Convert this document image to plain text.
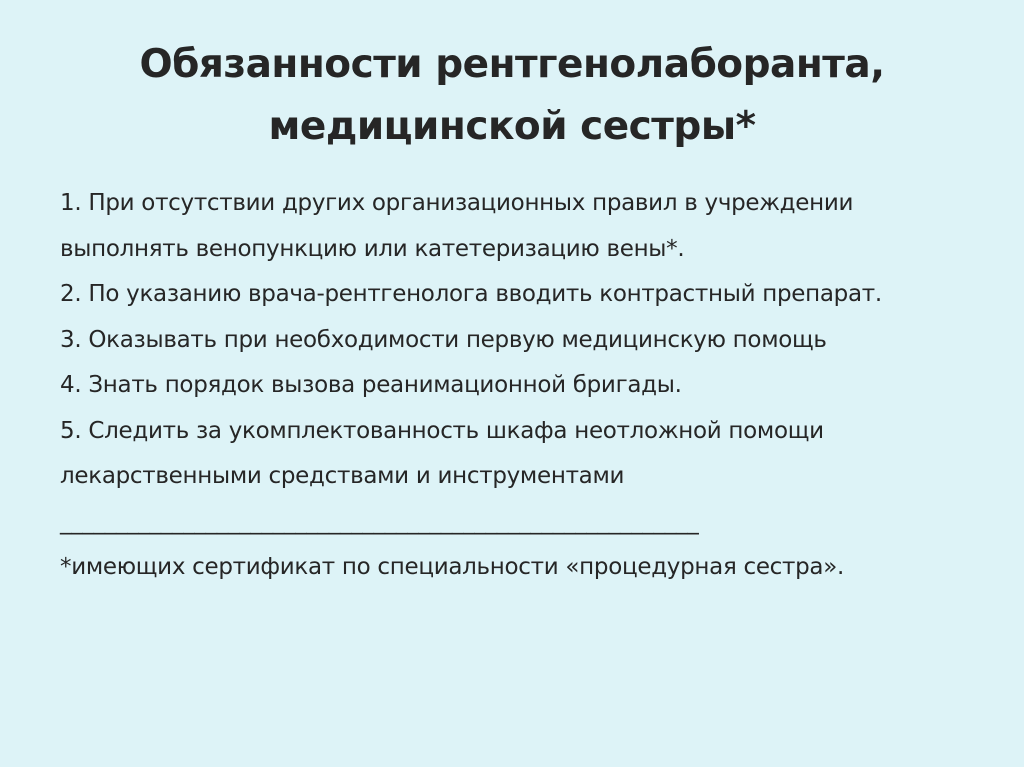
Обязанности рентгенолаборанта,
медицинской сестры*
1. При отсутствии других организационных правил в учреждении
выполнять венопункцию или катетеризацию вены*.
2. По указанию врача-рентгенолога вводить контрастный препарат.
3. Оказывать при необходимости первую медицинскую помощь
4. Знать порядок вызова реанимационной бригады.
5. Следить за укомплектованность шкафа неотложной помощи
лекарственными средствами и инструментами
_________________________________________________________
*имеющих сертификат по специальности «процедурная сестра».
